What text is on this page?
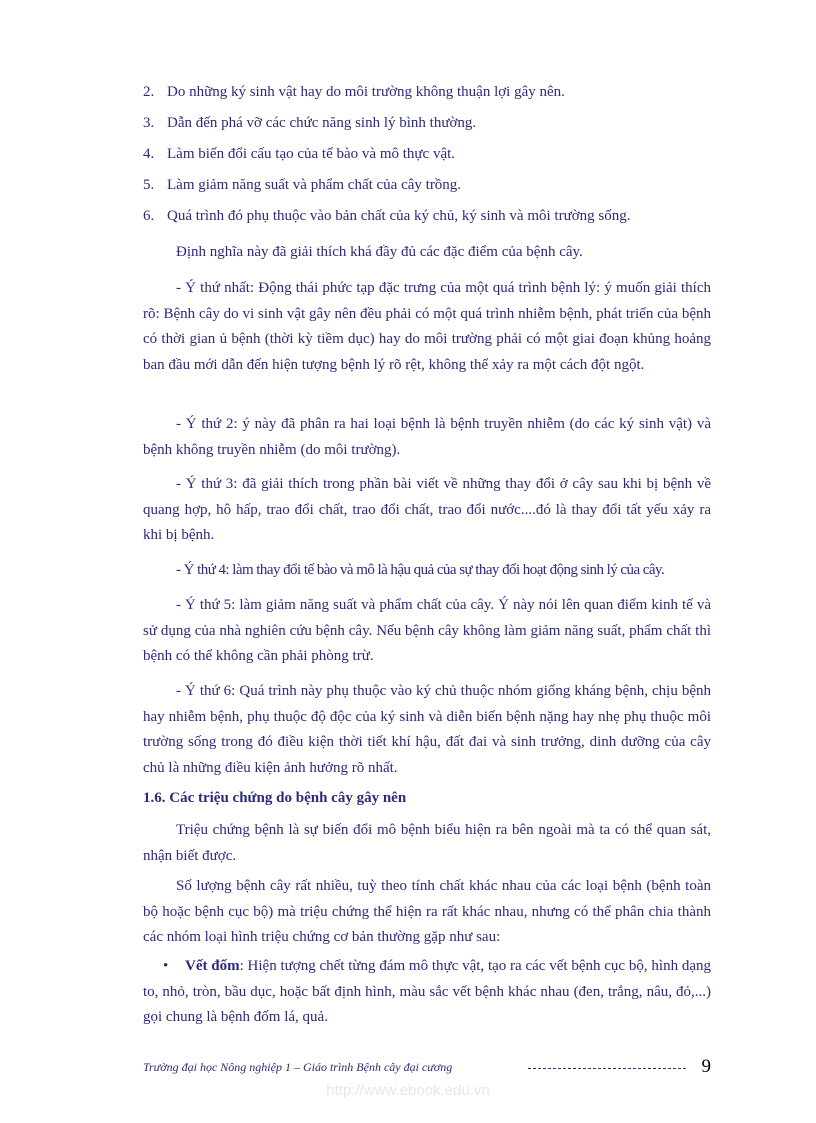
2. Do những ký sinh vật hay do môi trường không thuận lợi gây nên.
3. Dẫn đến phá vỡ các chức năng sinh lý bình thường.
4. Làm biến đổi cấu tạo của tế bào và mô thực vật.
5. Làm giảm năng suất và phẩm chất của cây trồng.
6. Quá trình đó phụ thuộc vào bản chất của ký chủ, ký sinh và môi trường sống.
Định nghĩa này đã giải thích khá đầy đủ các đặc điểm của bệnh cây.
- Ý thứ nhất: Động thái phức tạp đặc trưng của một quá trình bệnh lý: ý muốn giải thích rõ: Bệnh cây do vi sinh vật gây nên đều phải có một quá trình nhiễm bệnh, phát triển của bệnh có thời gian ủ bệnh (thời kỳ tiềm dục) hay do môi trường phải có một giai đoạn khủng hoảng ban đầu mới dẫn đến hiện tượng bệnh lý rõ rệt, không thể xảy ra một cách đột ngột.
- Ý thứ 2: ý này đã phân ra hai loại bệnh là bệnh truyền nhiễm (do các ký sinh vật) và bệnh không truyền nhiễm (do môi trường).
- Ý thứ 3: đã giải thích trong phần bài viết về những thay đổi ở cây sau khi bị bệnh về quang hợp, hô hấp, trao đổi chất, trao đổi chất, trao đổi nước....đó là thay đổi tất yếu xảy ra khi bị bệnh.
- Ý thứ 4: làm thay đổi tế bào và mô là hậu quả của sự thay đổi hoạt động sinh lý của cây.
- Ý thứ 5: làm giảm năng suất và phẩm chất của cây. Ý này nói lên quan điểm kinh tế và sử dụng của nhà nghiên cứu bệnh cây. Nếu bệnh cây không làm giảm năng suất, phẩm chất thì bệnh có thể không cần phải phòng trừ.
- Ý thứ 6: Quá trình này phụ thuộc vào ký chủ thuộc nhóm giống kháng bệnh, chịu bệnh hay nhiễm bệnh, phụ thuộc độ độc của ký sinh và diễn biến bệnh nặng hay nhẹ phụ thuộc môi trường sống trong đó điều kiện thời tiết khí hậu, đất đai và sinh trưởng, dinh dưỡng của cây chủ là những điều kiện ảnh hưởng rõ nhất.
1.6. Các triệu chứng do bệnh cây gây nên
Triệu chứng bệnh là sự biến đổi mô bệnh biểu hiện ra bên ngoài mà ta có thể quan sát, nhận biết được.
Số lượng bệnh cây rất nhiều, tuỳ theo tính chất khác nhau của các loại bệnh (bệnh toàn bộ hoặc bệnh cục bộ) mà triệu chứng thể hiện ra rất khác nhau, nhưng có thể phân chia thành các nhóm loại hình triệu chứng cơ bản thường gặp như sau:
• Vết đốm: Hiện tượng chết từng đám mô thực vật, tạo ra các vết bệnh cục bộ, hình dạng to, nhỏ, tròn, bầu dục, hoặc bất định hình, màu sắc vết bệnh khác nhau (đen, trắng, nâu, đỏ,...) gọi chung là bệnh đốm lá, quả.
Trường đại học Nông nghiệp 1 – Giáo trình Bệnh cây đại cương	9
http://www.ebook.edu.vn
